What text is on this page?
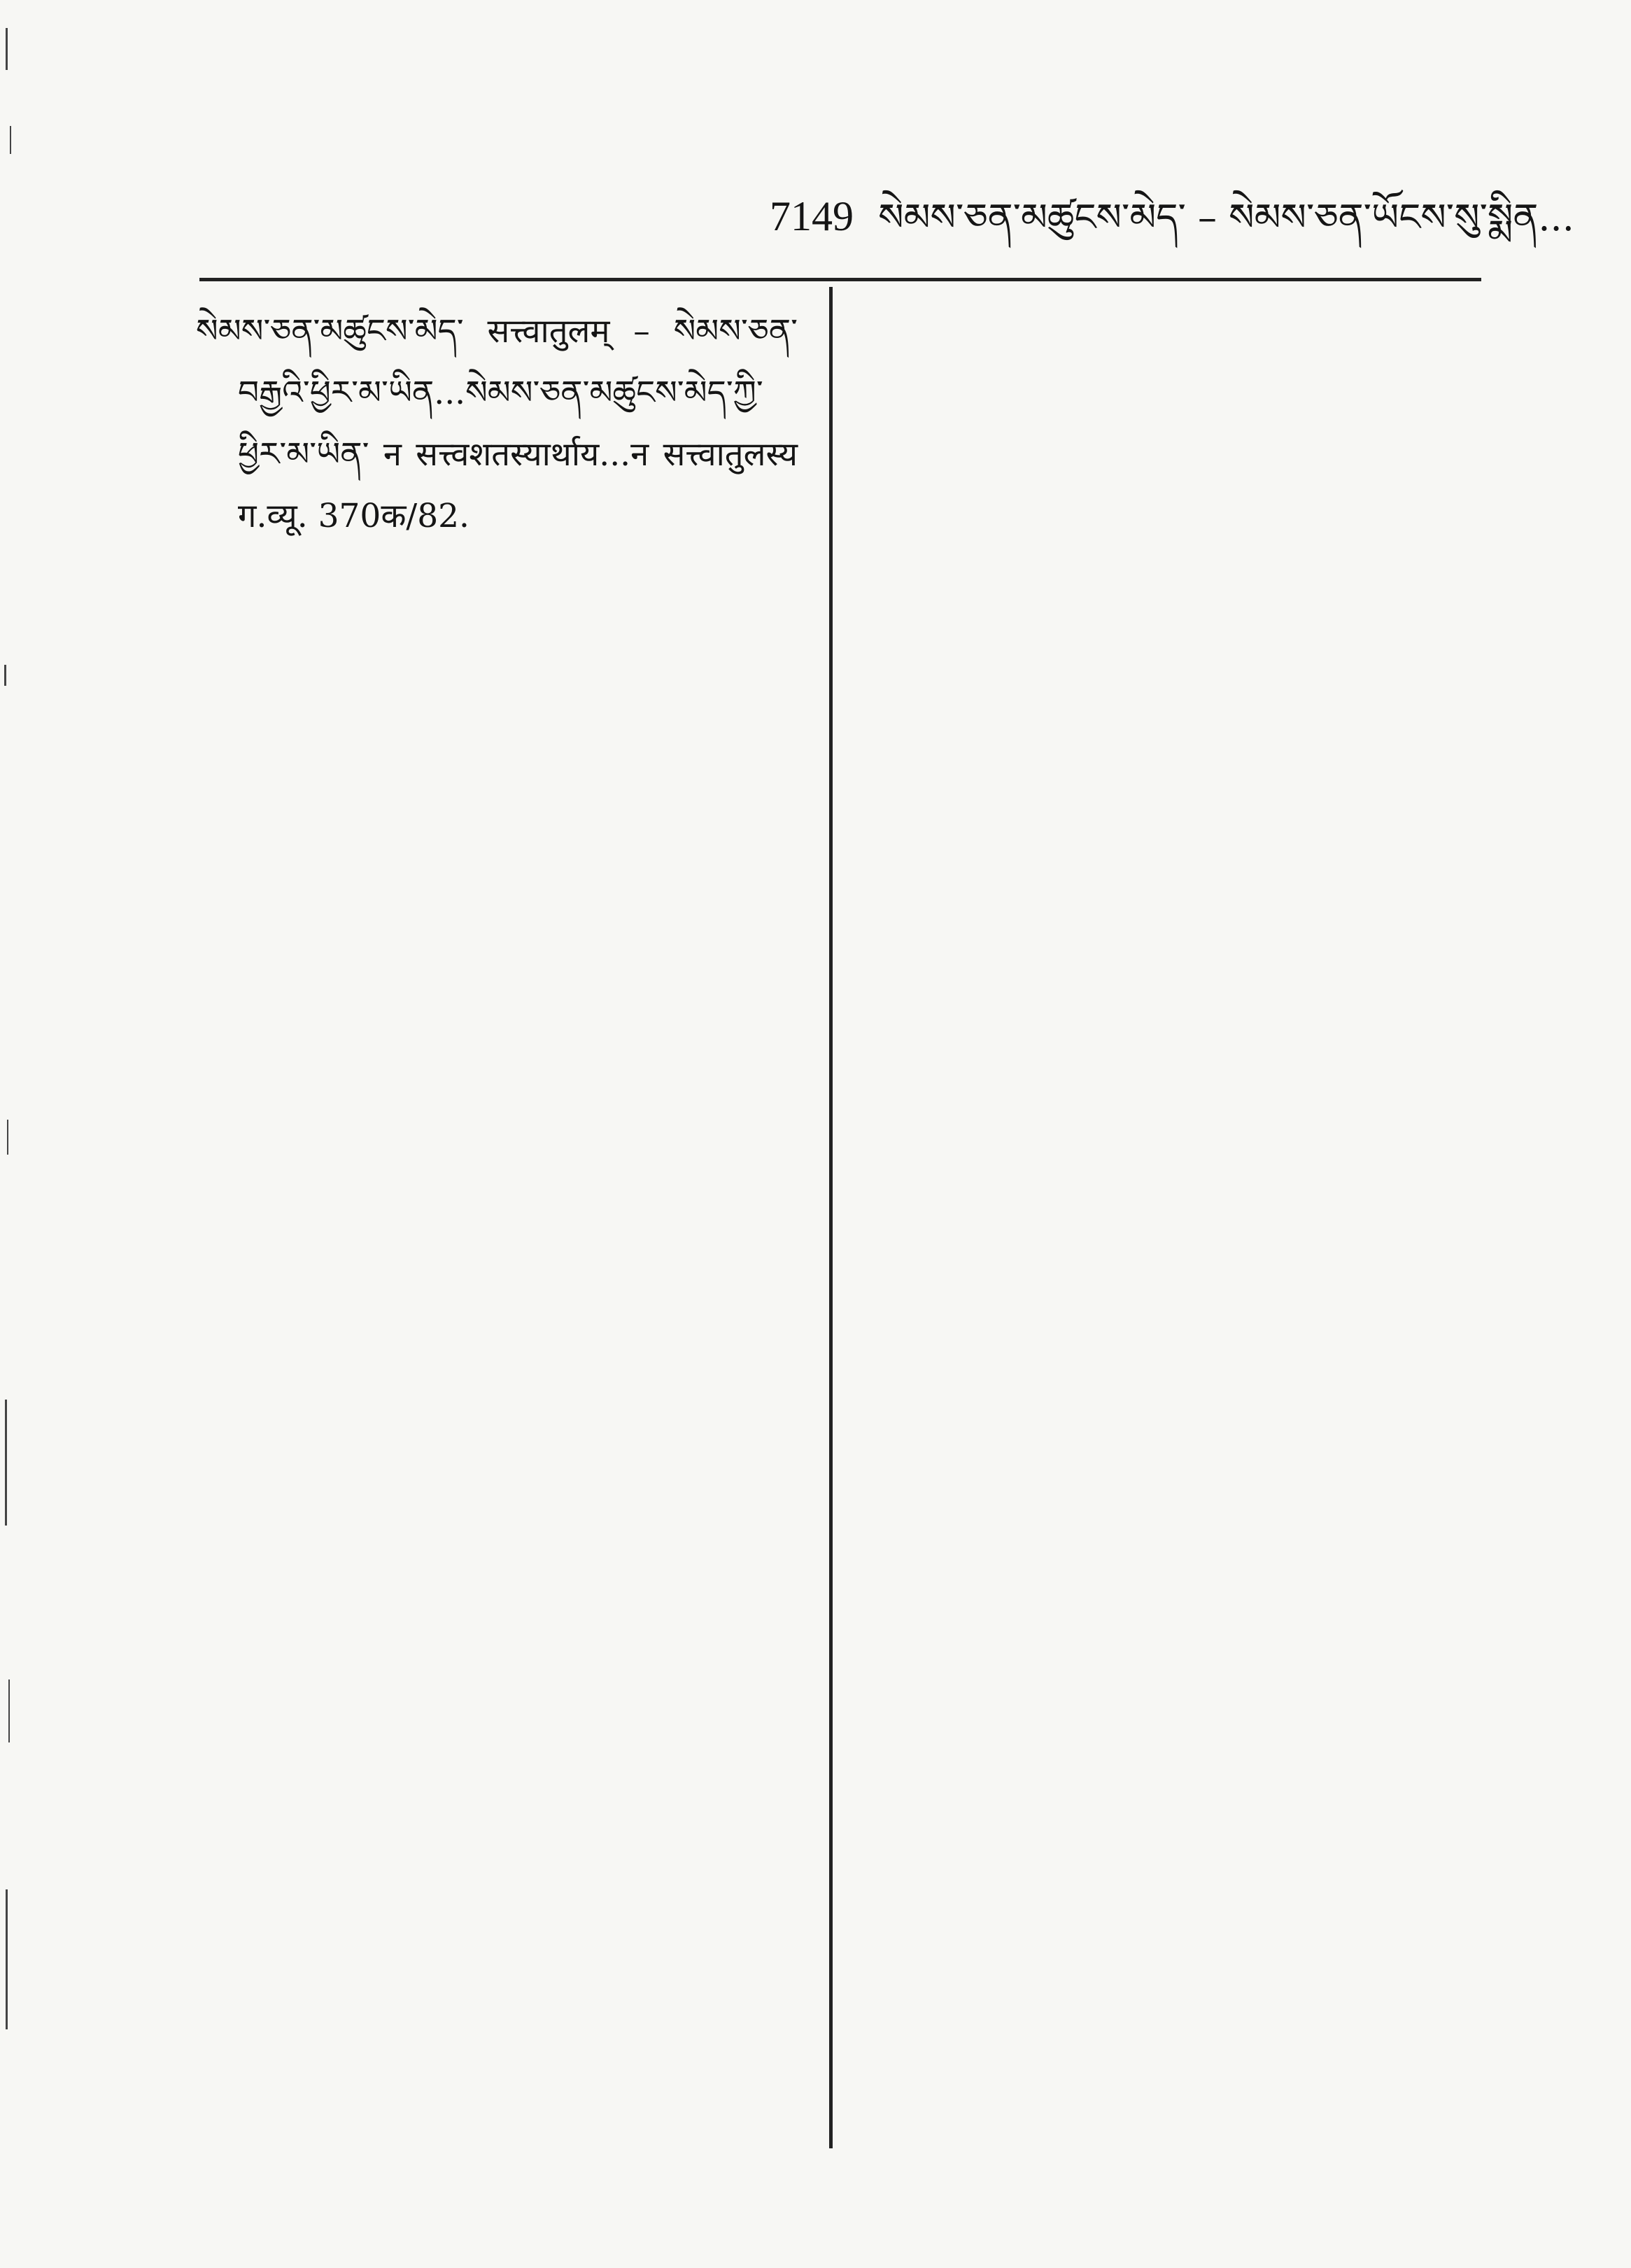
7149 སེམས་ཅན་མཚུངས་མེད་ – སེམས་ཅན་ཡོངས་སུ་སྨིན...

སེམས་ཅན་མཚུངས་མེད་ सत्त्वातुलम् – སེམས་ཅན་བརྒྱའི་ཕྱིར་མ་ཡིན...སེམས་ཅན་མཚུངས་མེད་ཀྱི་ཕྱིར་མ་ཡིན་ न सत्त्वशतस्यार्थाय...न सत्त्वातुलस्य ग.व्यू. 370क/82.
